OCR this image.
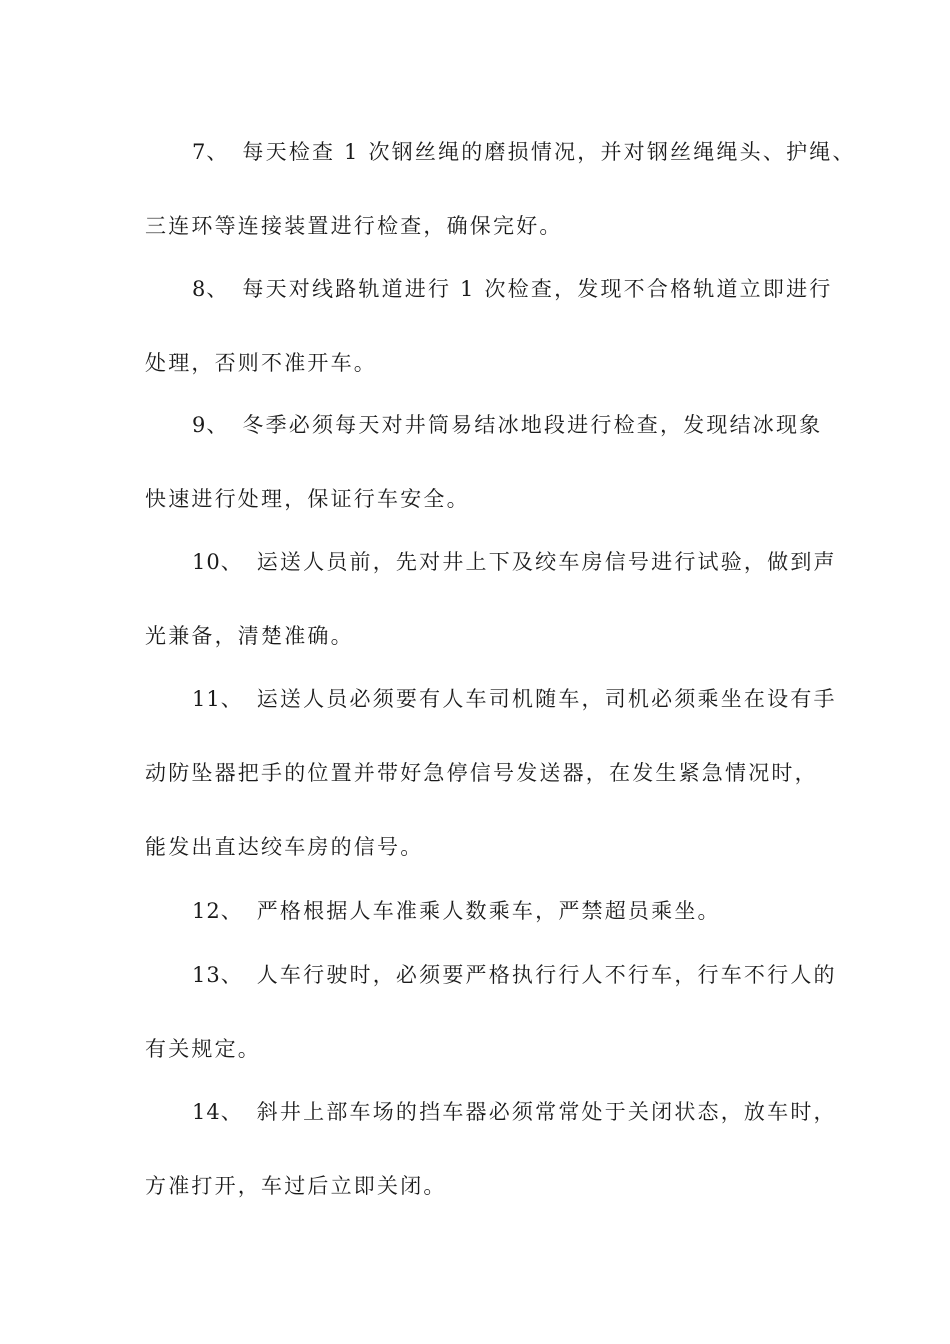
7、 每天检查 1 次钢丝绳的磨损情况，并对钢丝绳绳头、护绳、
三连环等连接装置进行检查，确保完好。
8、 每天对线路轨道进行 1 次检查，发现不合格轨道立即进行
处理，否则不准开车。
9、 冬季必须每天对井筒易结冰地段进行检查，发现结冰现象
快速进行处理，保证行车安全。
10、 运送人员前，先对井上下及绞车房信号进行试验，做到声
光兼备，清楚准确。
11、 运送人员必须要有人车司机随车，司机必须乘坐在设有手
动防坠器把手的位置并带好急停信号发送器，在发生紧急情况时，
能发出直达绞车房的信号。
12、 严格根据人车准乘人数乘车，严禁超员乘坐。
13、 人车行驶时，必须要严格执行行人不行车，行车不行人的
有关规定。
14、 斜井上部车场的挡车器必须常常处于关闭状态，放车时，
方准打开，车过后立即关闭。
